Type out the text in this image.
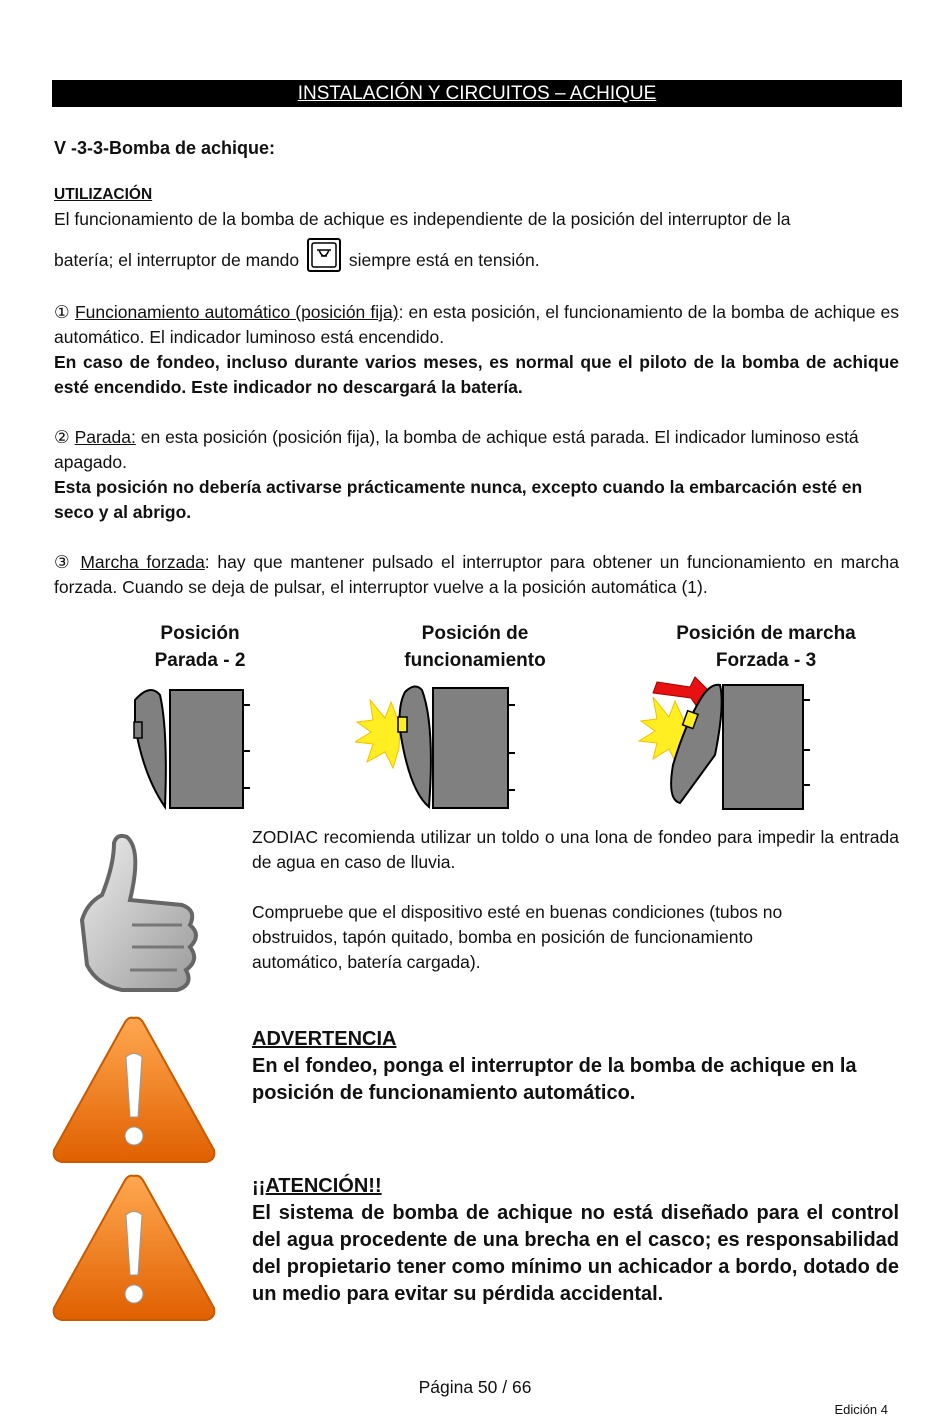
INSTALACIÓN Y CIRCUITOS – ACHIQUE
V -3-3-Bomba de achique:
UTILIZACIÓN
El funcionamiento de la bomba de achique es independiente de la posición del interruptor de la
batería; el interruptor de mando	siempre está en tensión.
① Funcionamiento automático (posición fija): en esta posición, el funcionamiento de la bomba de achique es automático. El indicador luminoso está encendido.
En caso de fondeo, incluso durante varios meses, es normal que el piloto de la bomba de achique esté encendido. Este indicador no descargará la batería.
② Parada: en esta posición (posición fija), la bomba de achique está parada. El indicador luminoso está apagado.
Esta posición no debería activarse prácticamente nunca, excepto cuando la embarcación esté en seco y al abrigo.
③ Marcha forzada: hay que mantener pulsado el interruptor para obtener un funcionamiento en marcha forzada. Cuando se deja de pulsar, el interruptor vuelve a la posición automática (1).
Posición
Parada - 2
Posición de
funcionamiento
Posición de marcha
Forzada - 3
ZODIAC recomienda utilizar un toldo o una lona de fondeo para impedir la entrada de agua en caso de lluvia.
Compruebe que el dispositivo esté en buenas condiciones (tubos no obstruidos, tapón quitado, bomba en posición de funcionamiento automático, batería cargada).
ADVERTENCIA
En el fondeo, ponga el interruptor de la bomba de achique en la posición de funcionamiento automático.
¡¡ATENCIÓN!!
El sistema de bomba de achique no está diseñado para el control del agua procedente de una brecha en el casco; es responsabilidad del propietario tener como mínimo un achicador a bordo, dotado de un medio para evitar su pérdida accidental.
Página 50 / 66
Edición 4
